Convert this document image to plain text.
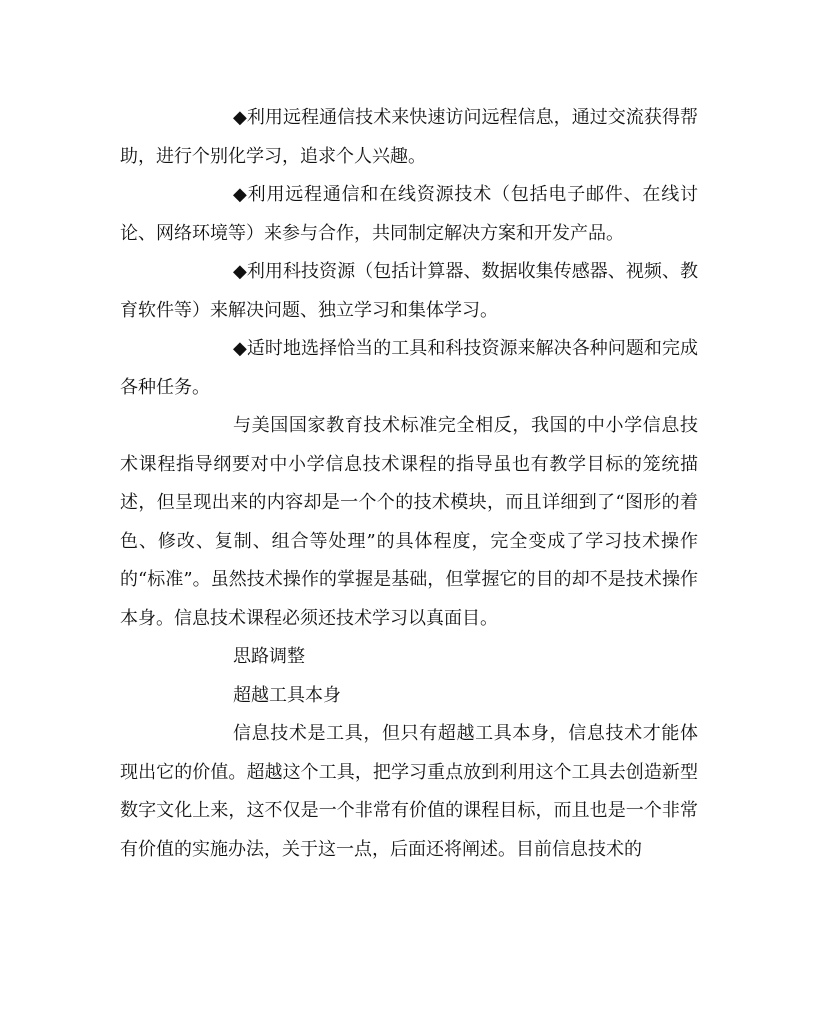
◆利用远程通信技术来快速访问远程信息，通过交流获得帮助，进行个别化学习，追求个人兴趣。

◆利用远程通信和在线资源技术（包括电子邮件、在线讨论、网络环境等）来参与合作，共同制定解决方案和开发产品。

◆利用科技资源（包括计算器、数据收集传感器、视频、教育软件等）来解决问题、独立学习和集体学习。

◆适时地选择恰当的工具和科技资源来解决各种问题和完成各种任务。

与美国国家教育技术标准完全相反，我国的中小学信息技术课程指导纲要对中小学信息技术课程的指导虽也有教学目标的笼统描述，但呈现出来的内容却是一个个的技术模块，而且详细到了“图形的着色、修改、复制、组合等处理”的具体程度，完全变成了学习技术操作的“标准”。虽然技术操作的掌握是基础，但掌握它的目的却不是技术操作本身。信息技术课程必须还技术学习以真面目。

思路调整

超越工具本身

信息技术是工具，但只有超越工具本身，信息技术才能体现出它的价值。超越这个工具，把学习重点放到利用这个工具去创造新型数字文化上来，这不仅是一个非常有价值的课程目标，而且也是一个非常有价值的实施办法，关于这一点，后面还将阐述。目前信息技术的
